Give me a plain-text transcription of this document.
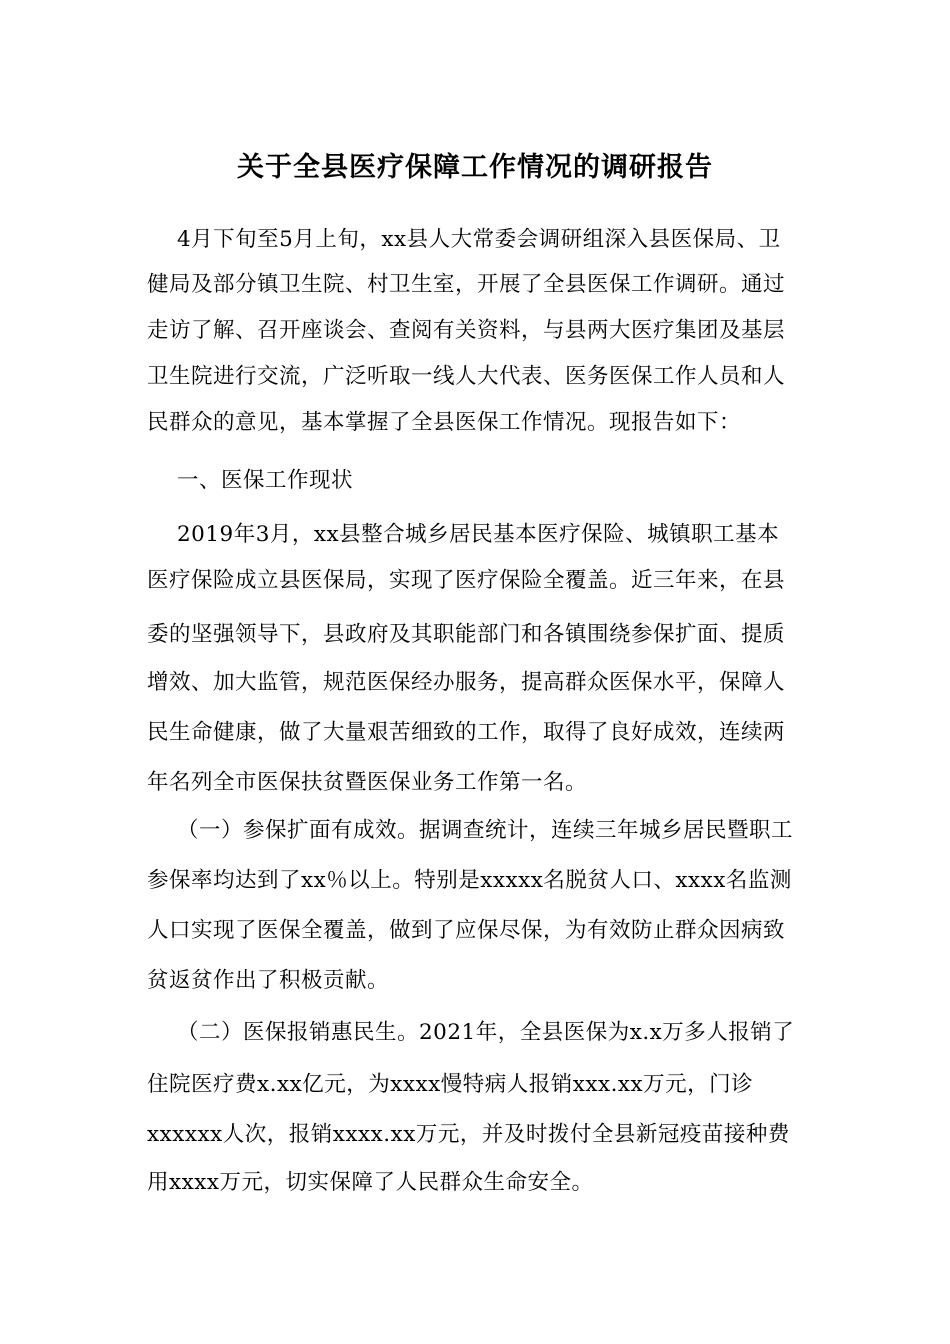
关于全县医疗保障工作情况的调研报告
4月下旬至5月上旬，xx县人大常委会调研组深入县医保局、卫
健局及部分镇卫生院、村卫生室，开展了全县医保工作调研。通过
走访了解、召开座谈会、查阅有关资料，与县两大医疗集团及基层
卫生院进行交流，广泛听取一线人大代表、医务医保工作人员和人
民群众的意见，基本掌握了全县医保工作情况。现报告如下：
一、医保工作现状
2019年3月，xx县整合城乡居民基本医疗保险、城镇职工基本
医疗保险成立县医保局，实现了医疗保险全覆盖。近三年来，在县
委的坚强领导下，县政府及其职能部门和各镇围绕参保扩面、提质
增效、加大监管，规范医保经办服务，提高群众医保水平，保障人
民生命健康，做了大量艰苦细致的工作，取得了良好成效，连续两
年名列全市医保扶贫暨医保业务工作第一名。
（一）参保扩面有成效。据调查统计，连续三年城乡居民暨职工
参保率均达到了xx％以上。特别是xxxxx名脱贫人口、xxxx名监测
人口实现了医保全覆盖，做到了应保尽保，为有效防止群众因病致
贫返贫作出了积极贡献。
（二）医保报销惠民生。2021年，全县医保为x.x万多人报销了
住院医疗费x.xx亿元，为xxxx慢特病人报销xxx.xx万元，门诊
xxxxxx人次，报销xxxx.xx万元，并及时拨付全县新冠疫苗接种费
用xxxx万元，切实保障了人民群众生命安全。
